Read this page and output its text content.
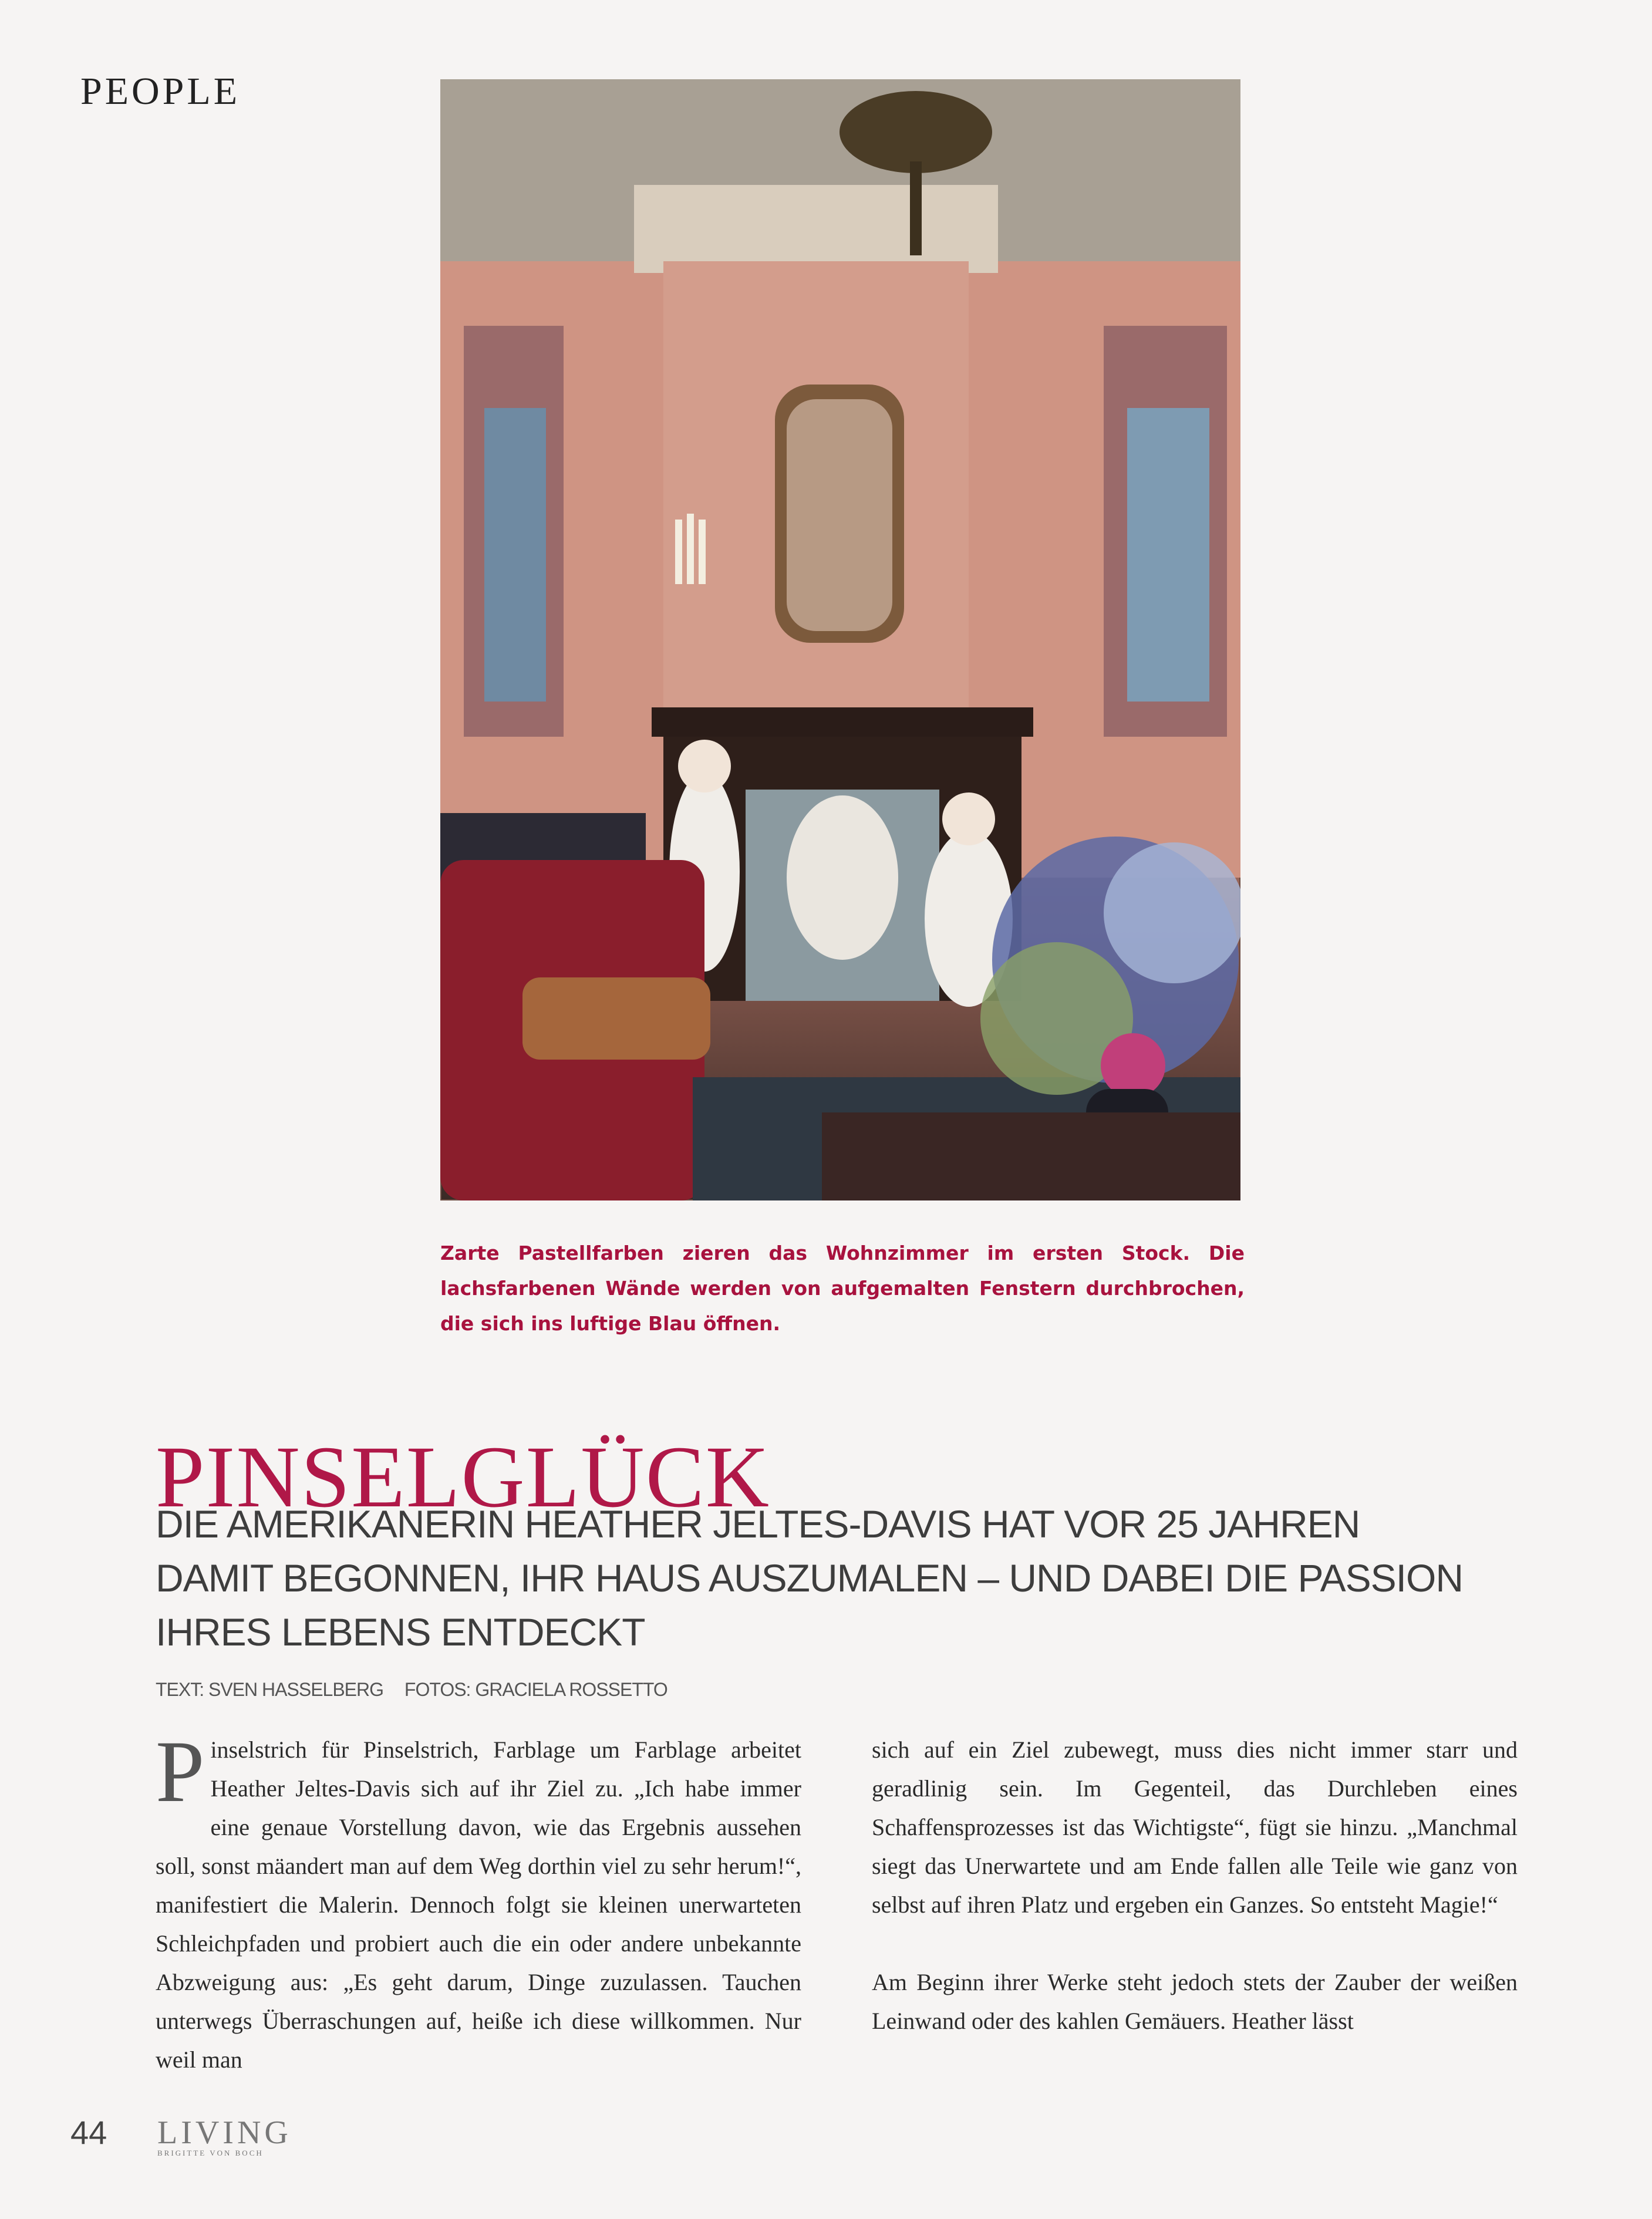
PEOPLE
Zarte Pastellfarben zieren das Wohnzimmer im ersten Stock. Die lachsfarbenen Wände werden von aufgemalten Fenstern durchbrochen, die sich ins luftige Blau öffnen.
PINSELGLÜCK
DIE AMERIKANERIN HEATHER JELTES-DAVIS HAT VOR 25 JAHREN DAMIT BEGONNEN, IHR HAUS AUSZUMALEN – UND DABEI DIE PASSION IHRES LEBENS ENTDECKT
TEXT: SVEN HASSELBERG FOTOS: GRACIELA ROSSETTO

Pinselstrich für Pinselstrich, Farblage um Farblage arbeitet Heather Jeltes-Davis sich auf ihr Ziel zu. „Ich habe immer eine genaue Vorstellung davon, wie das Ergebnis aussehen soll, sonst mäandert man auf dem Weg dorthin viel zu sehr herum!“, manifestiert die Malerin. Dennoch folgt sie kleinen unerwarteten Schleichpfaden und probiert auch die ein oder andere unbekannte Abzweigung aus: „Es geht darum, Dinge zuzulassen. Tauchen unterwegs Überraschungen auf, heiße ich diese willkommen. Nur weil man

sich auf ein Ziel zubewegt, muss dies nicht immer starr und geradlinig sein. Im Gegenteil, das Durchleben eines Schaffensprozesses ist das Wichtigste“, fügt sie hinzu. „Manchmal siegt das Unerwartete und am Ende fallen alle Teile wie ganz von selbst auf ihren Platz und ergeben ein Ganzes. So entsteht Magie!“

Am Beginn ihrer Werke steht jedoch stets der Zauber der weißen Leinwand oder des kahlen Gemäuers. Heather lässt

44 LIVING
BRIGITTE VON BOCH
